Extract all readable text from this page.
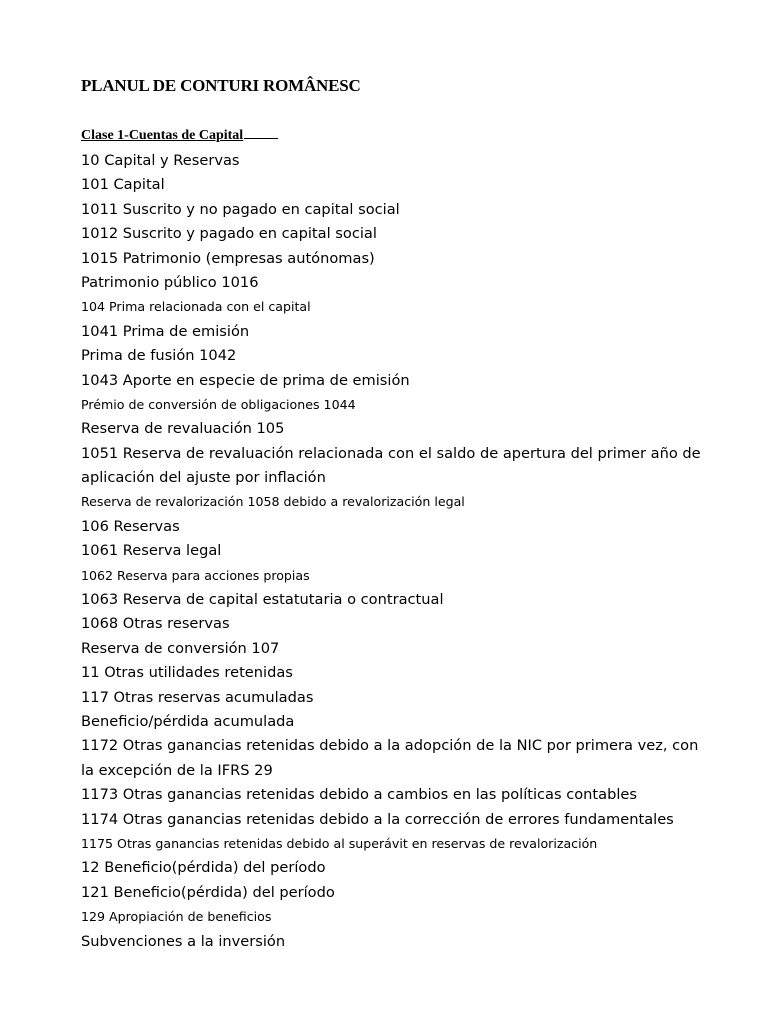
PLANUL DE CONTURI ROMÂNESC
Clase 1-Cuentas de Capital
10 Capital y Reservas
101 Capital
1011 Suscrito y no pagado en capital social
1012 Suscrito y pagado en capital social
1015 Patrimonio (empresas autónomas)
Patrimonio público 1016
104 Prima relacionada con el capital
1041 Prima de emisión
Prima de fusión 1042
1043 Aporte en especie de prima de emisión
Prémio de conversión de obligaciones 1044
Reserva de revaluación 105
1051 Reserva de revaluación relacionada con el saldo de apertura del primer año de
aplicación del ajuste por inflación
Reserva de revalorización 1058 debido a revalorización legal
106 Reservas
1061 Reserva legal
1062 Reserva para acciones propias
1063 Reserva de capital estatutaria o contractual
1068 Otras reservas
Reserva de conversión 107
11 Otras utilidades retenidas
117 Otras reservas acumuladas
Beneficio/pérdida acumulada
1172 Otras ganancias retenidas debido a la adopción de la NIC por primera vez, con
la excepción de la IFRS 29
1173 Otras ganancias retenidas debido a cambios en las políticas contables
1174 Otras ganancias retenidas debido a la corrección de errores fundamentales
1175 Otras ganancias retenidas debido al superávit en reservas de revalorización
12 Beneficio(pérdida) del período
121 Beneficio(pérdida) del período
129 Apropiación de beneficios
Subvenciones a la inversión
